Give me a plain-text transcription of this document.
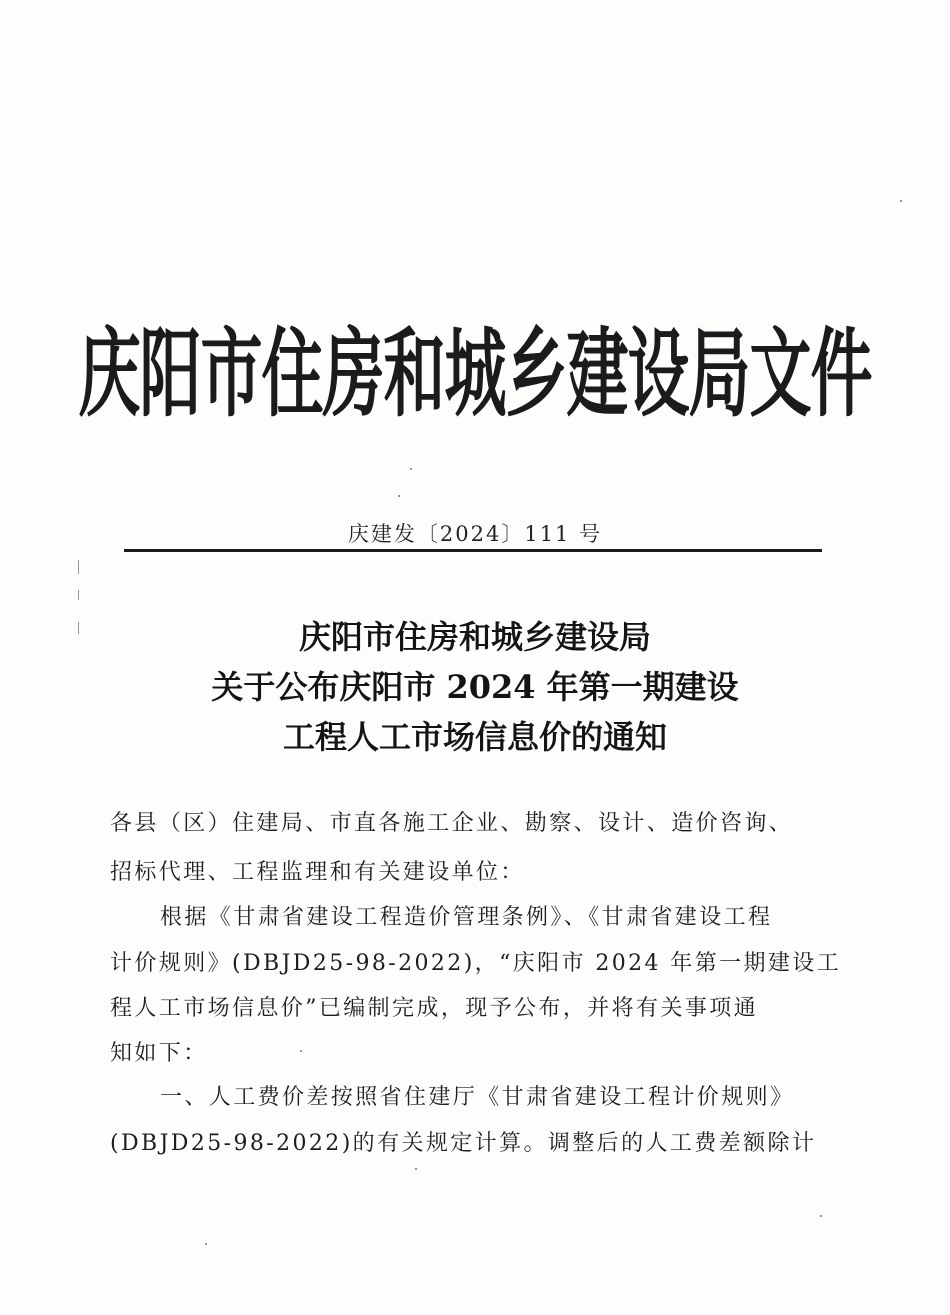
庆阳市住房和城乡建设局文件
庆建发〔2024〕111 号
庆阳市住房和城乡建设局
关于公布庆阳市 2024 年第一期建设
工程人工市场信息价的通知
各县（区）住建局、市直各施工企业、勘察、设计、造价咨询、
招标代理、工程监理和有关建设单位：
根据《甘肃省建设工程造价管理条例》、《甘肃省建设工程
计价规则》(DBJD25-98-2022)，“庆阳市 2024 年第一期建设工
程人工市场信息价”已编制完成，现予公布，并将有关事项通
知如下：
一、人工费价差按照省住建厅《甘肃省建设工程计价规则》
(DBJD25-98-2022)的有关规定计算。调整后的人工费差额除计
